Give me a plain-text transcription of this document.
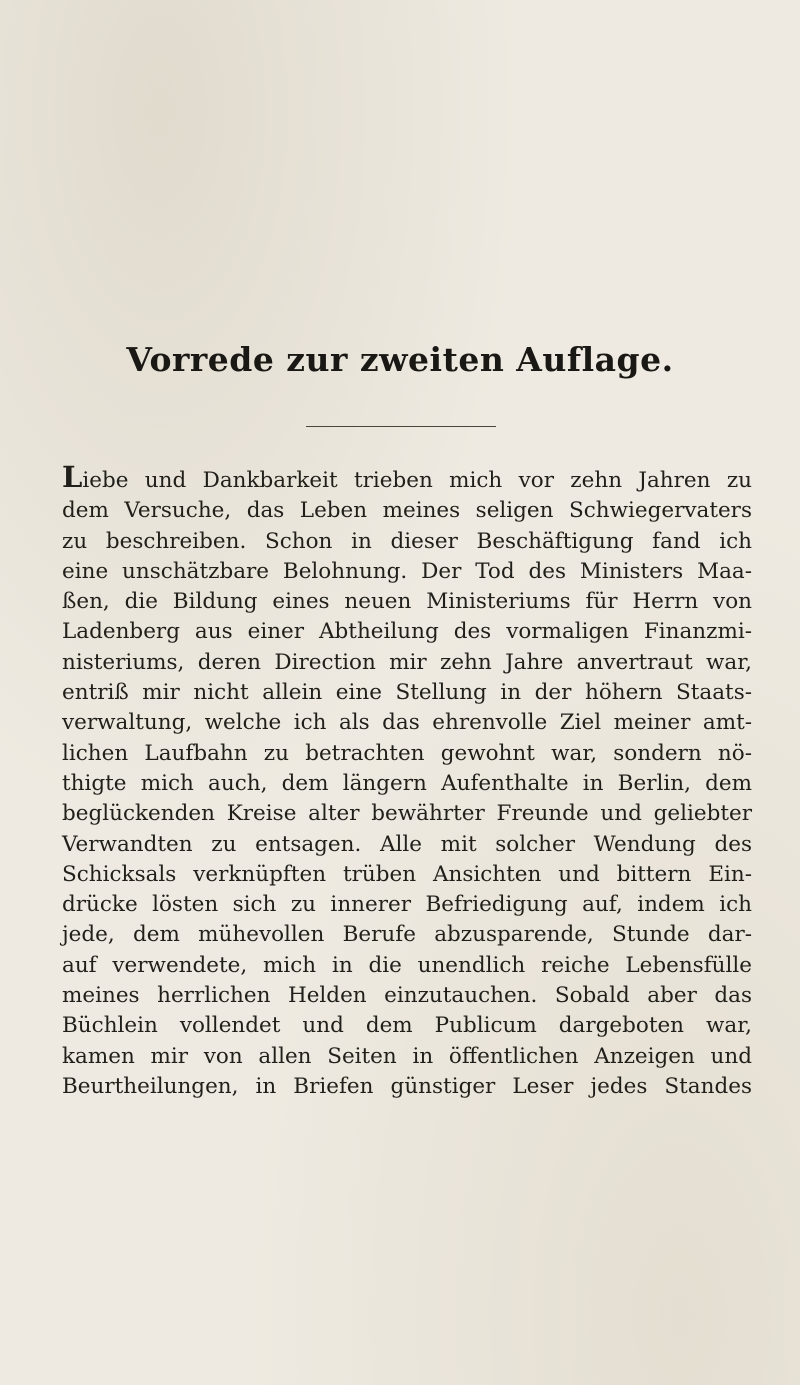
Vorrede zur zweiten Auflage.
Liebe und Dankbarkeit trieben mich vor zehn Jahren zu
dem Versuche, das Leben meines seligen Schwiegervaters
zu beschreiben. Schon in dieser Beschäftigung fand ich
eine unschätzbare Belohnung. Der Tod des Ministers Maa-
ßen, die Bildung eines neuen Ministeriums für Herrn von
Ladenberg aus einer Abtheilung des vormaligen Finanzmi-
nisteriums, deren Direction mir zehn Jahre anvertraut war,
entriß mir nicht allein eine Stellung in der höhern Staats-
verwaltung, welche ich als das ehrenvolle Ziel meiner amt-
lichen Laufbahn zu betrachten gewohnt war, sondern nö-
thigte mich auch, dem längern Aufenthalte in Berlin, dem
beglückenden Kreise alter bewährter Freunde und geliebter
Verwandten zu entsagen. Alle mit solcher Wendung des
Schicksals verknüpften trüben Ansichten und bittern Ein-
drücke lösten sich zu innerer Befriedigung auf, indem ich
jede, dem mühevollen Berufe abzusparende, Stunde dar-
auf verwendete, mich in die unendlich reiche Lebensfülle
meines herrlichen Helden einzutauchen. Sobald aber das
Büchlein vollendet und dem Publicum dargeboten war,
kamen mir von allen Seiten in öffentlichen Anzeigen und
Beurtheilungen, in Briefen günstiger Leser jedes Standes
